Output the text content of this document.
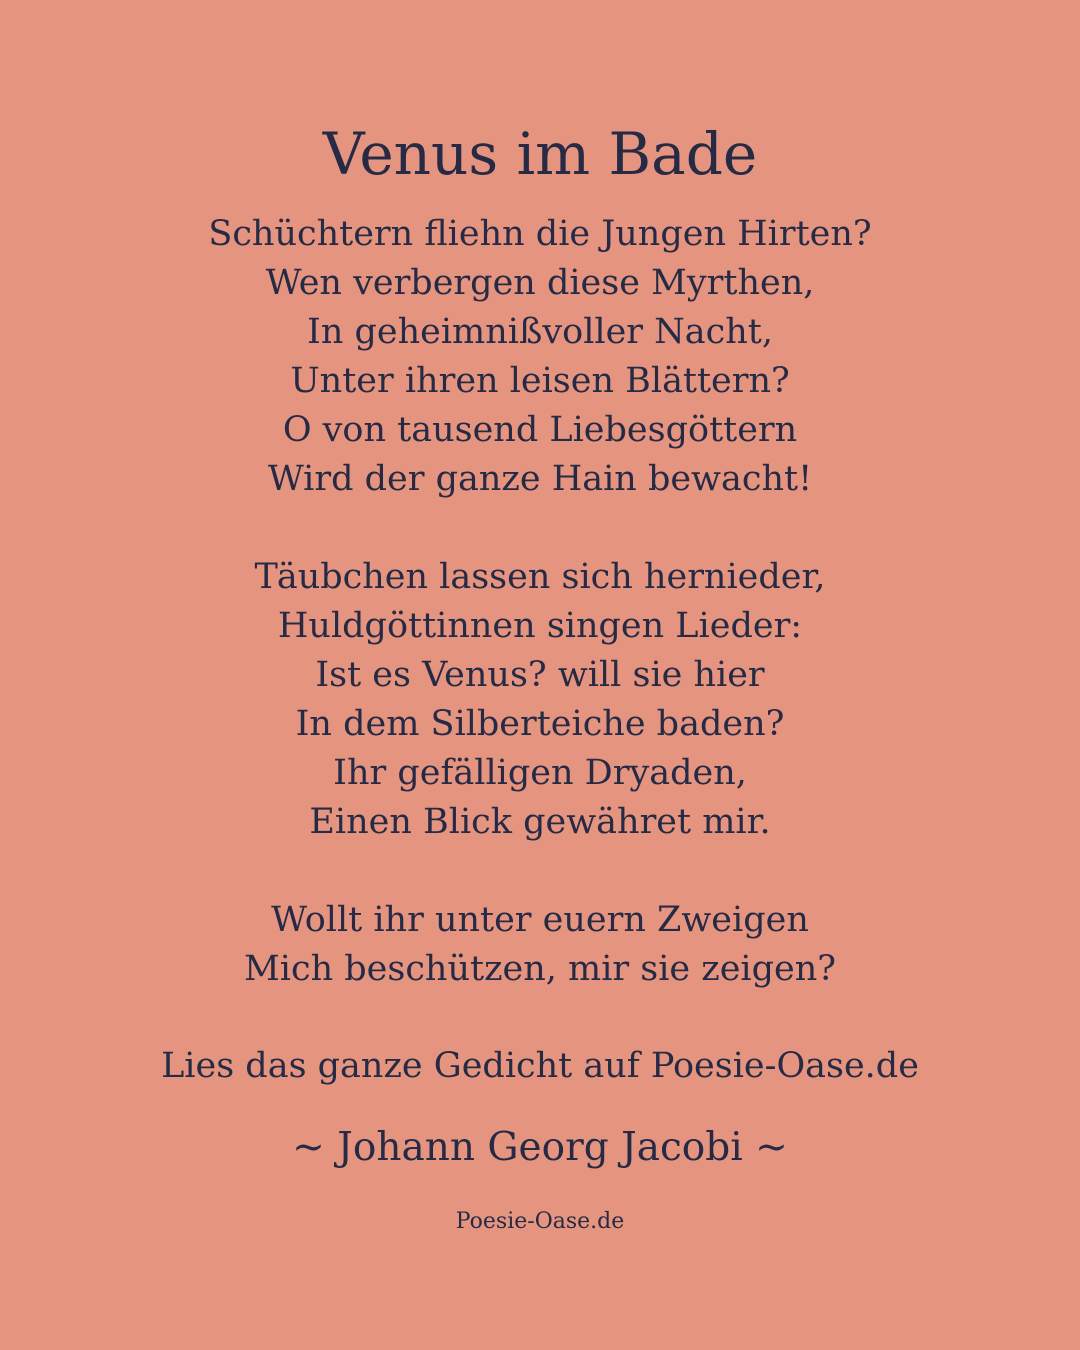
Venus im Bade
Schüchtern fliehn die Jungen Hirten?
Wen verbergen diese Myrthen,
In geheimnißvoller Nacht,
Unter ihren leisen Blättern?
O von tausend Liebesgöttern
Wird der ganze Hain bewacht!
Täubchen lassen sich hernieder,
Huldgöttinnen singen Lieder:
Ist es Venus? will sie hier
In dem Silberteiche baden?
Ihr gefälligen Dryaden,
Einen Blick gewähret mir.
Wollt ihr unter euern Zweigen
Mich beschützen, mir sie zeigen?
Lies das ganze Gedicht auf Poesie-Oase.de
~ Johann Georg Jacobi ~
Poesie-Oase.de
